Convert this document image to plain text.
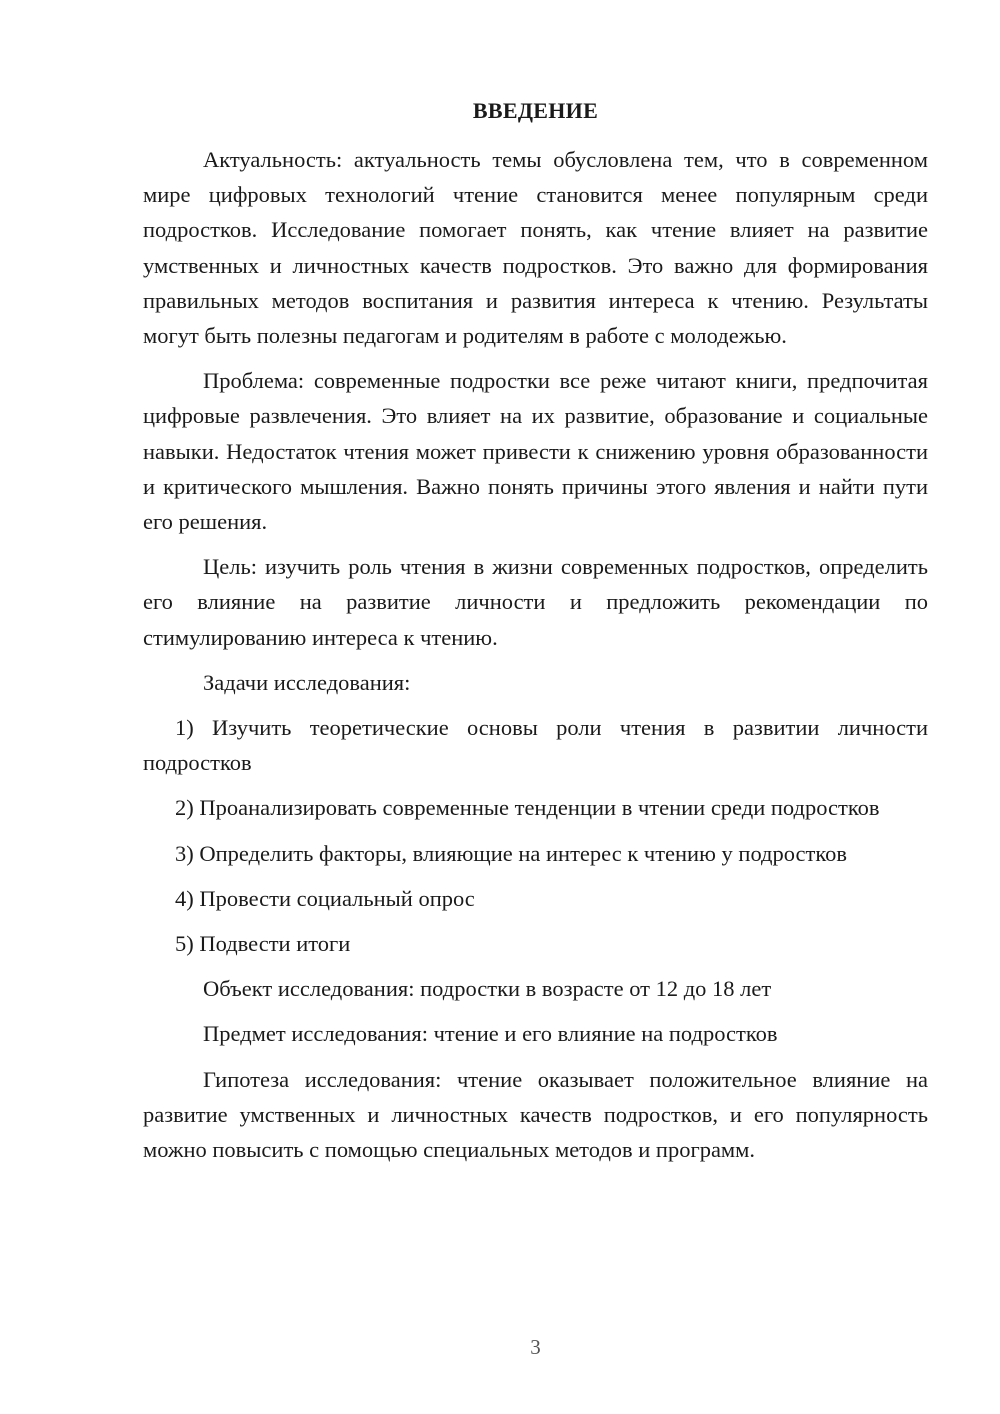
ВВЕДЕНИЕ

Актуальность: актуальность темы обусловлена тем, что в современном мире цифровых технологий чтение становится менее популярным среди подростков. Исследование помогает понять, как чтение влияет на развитие умственных и личностных качеств подростков. Это важно для формирования правильных методов воспитания и развития интереса к чтению. Результаты могут быть полезны педагогам и родителям в работе с молодежью.

Проблема: современные подростки все реже читают книги, предпочитая цифровые развлечения. Это влияет на их развитие, образование и социальные навыки. Недостаток чтения может привести к снижению уровня образованности и критического мышления. Важно понять причины этого явления и найти пути его решения.

Цель: изучить роль чтения в жизни современных подростков, определить его влияние на развитие личности и предложить рекомендации по стимулированию интереса к чтению.

Задачи исследования:

1) Изучить теоретические основы роли чтения в развитии личности подростков

2) Проанализировать современные тенденции в чтении среди подростков

3) Определить факторы, влияющие на интерес к чтению у подростков

4) Провести социальный опрос

5) Подвести итоги

Объект исследования: подростки в возрасте от 12 до 18 лет

Предмет исследования: чтение и его влияние на подростков

Гипотеза исследования: чтение оказывает положительное влияние на развитие умственных и личностных качеств подростков, и его популярность можно повысить с помощью специальных методов и программ.

3
